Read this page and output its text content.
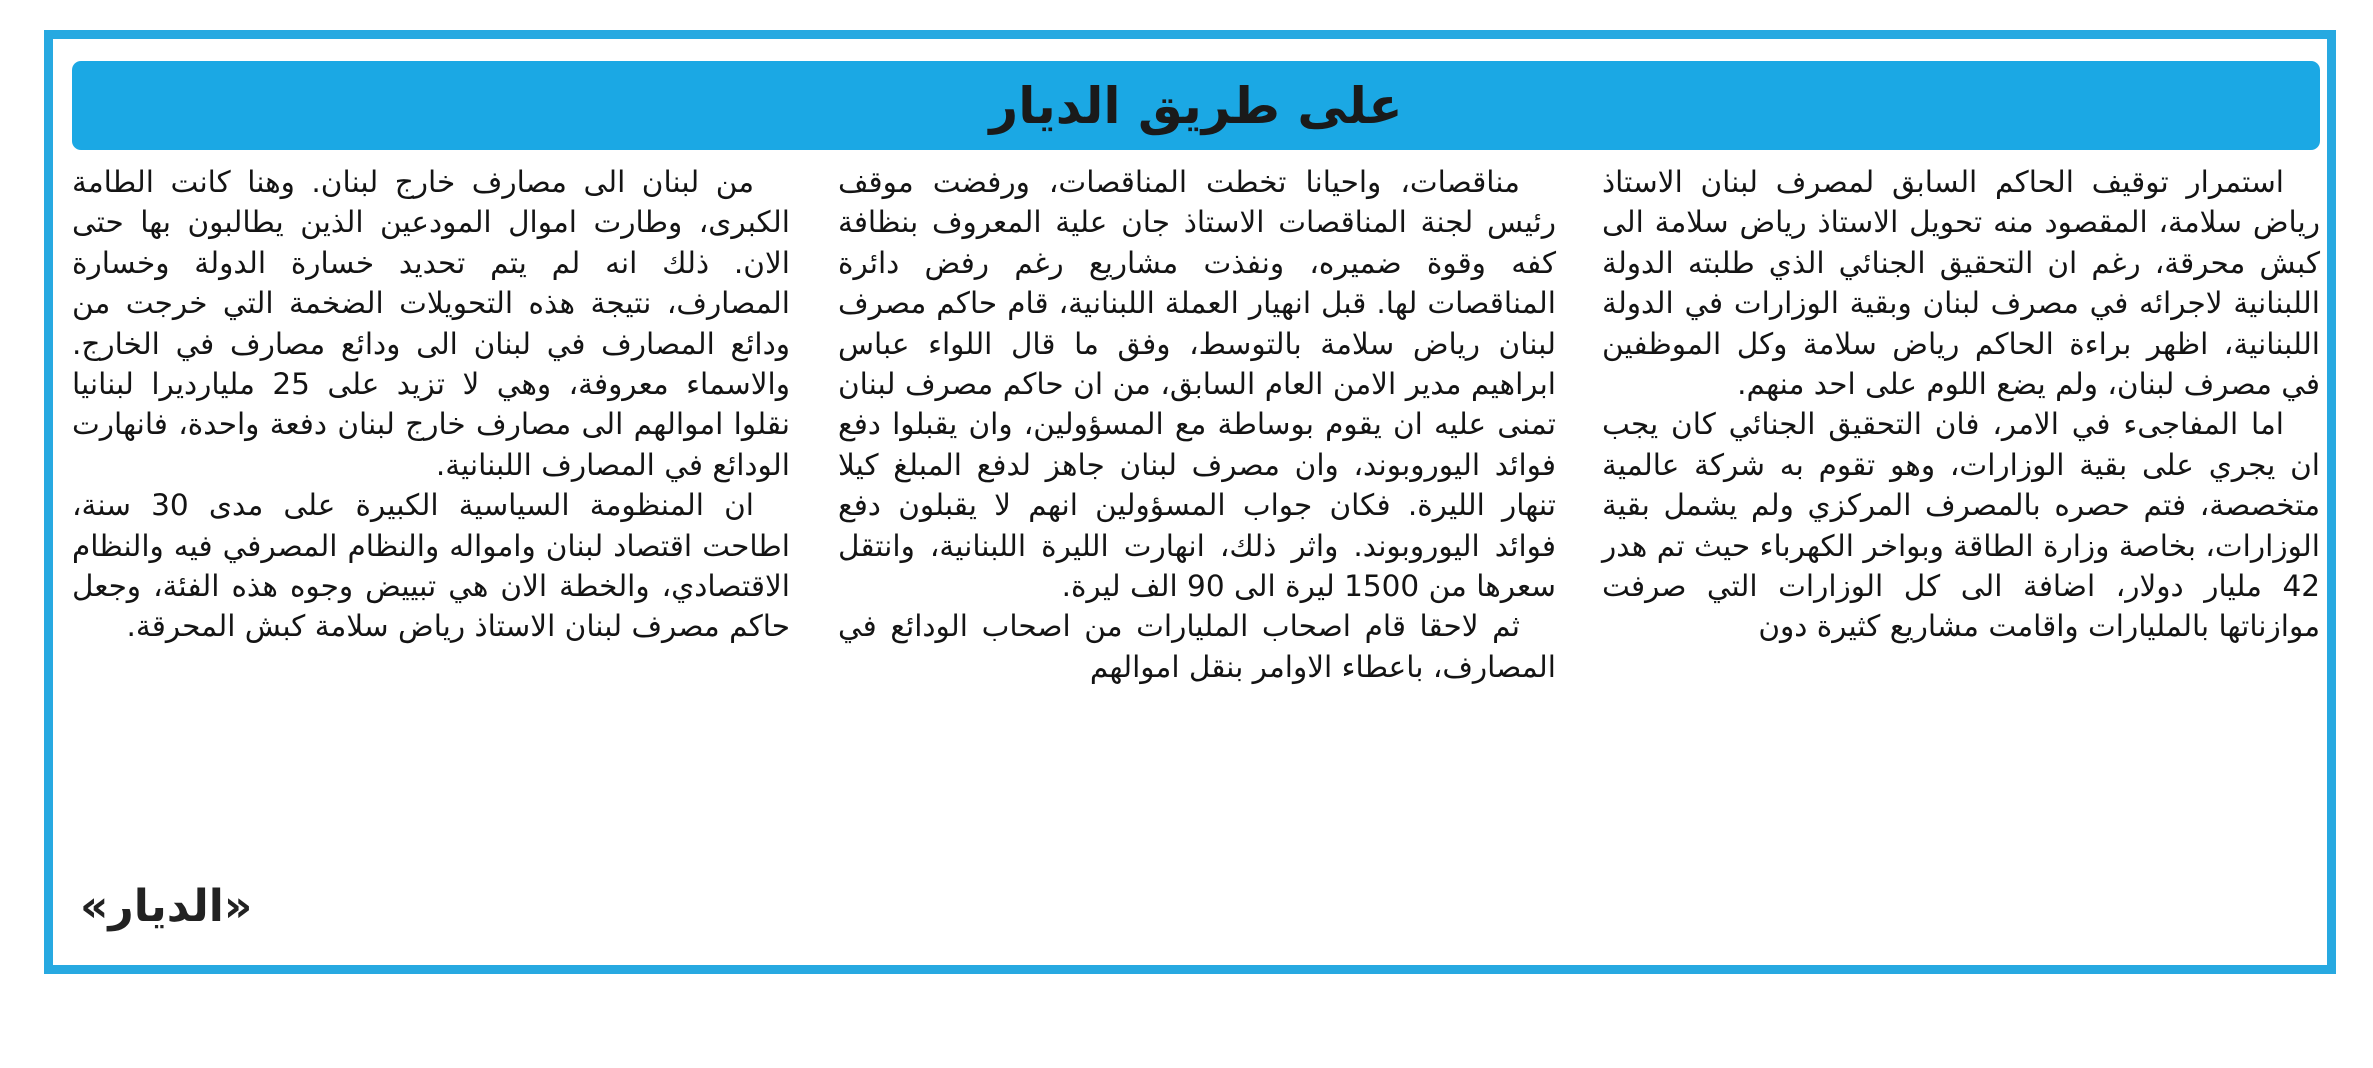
على طريق الديار

استمرار توقيف الحاكم السابق لمصرف لبنان الاستاذ رياض سلامة، المقصود منه تحويل الاستاذ رياض سلامة الى كبش محرقة، رغم ان التحقيق الجنائي الذي طلبته الدولة اللبنانية لاجرائه في مصرف لبنان وبقية الوزارات في الدولة اللبنانية، اظهر براءة الحاكم رياض سلامة وكل الموظفين في مصرف لبنان، ولم يضع اللوم على احد منهم.

اما المفاجىء في الامر، فان التحقيق الجنائي كان يجب ان يجري على بقية الوزارات، وهو تقوم به شركة عالمية متخصصة، فتم حصره بالمصرف المركزي ولم يشمل بقية الوزارات، بخاصة وزارة الطاقة وبواخر الكهرباء حيث تم هدر 42 مليار دولار، اضافة الى كل الوزارات التي صرفت موازناتها بالمليارات واقامت مشاريع كثيرة دون

مناقصات، واحيانا تخطت المناقصات، ورفضت موقف رئيس لجنة المناقصات الاستاذ جان علية المعروف بنظافة كفه وقوة ضميره، ونفذت مشاريع رغم رفض دائرة المناقصات لها. قبل انهيار العملة اللبنانية، قام حاكم مصرف لبنان رياض سلامة بالتوسط، وفق ما قال اللواء عباس ابراهيم مدير الامن العام السابق، من ان حاكم مصرف لبنان تمنى عليه ان يقوم بوساطة مع المسؤولين، وان يقبلوا دفع فوائد اليوروبوند، وان مصرف لبنان جاهز لدفع المبلغ كيلا تنهار الليرة. فكان جواب المسؤولين انهم لا يقبلون دفع فوائد اليوروبوند. واثر ذلك، انهارت الليرة اللبنانية، وانتقل سعرها من 1500 ليرة الى 90 الف ليرة.

ثم لاحقا قام اصحاب المليارات من اصحاب الودائع في المصارف، باعطاء الاوامر بنقل اموالهم

من لبنان الى مصارف خارج لبنان. وهنا كانت الطامة الكبرى، وطارت اموال المودعين الذين يطالبون بها حتى الان. ذلك انه لم يتم تحديد خسارة الدولة وخسارة المصارف، نتيجة هذه التحويلات الضخمة التي خرجت من ودائع المصارف في لبنان الى ودائع مصارف في الخارج. والاسماء معروفة، وهي لا تزيد على 25 مليارديرا لبنانيا نقلوا اموالهم الى مصارف خارج لبنان دفعة واحدة، فانهارت الودائع في المصارف اللبنانية.

ان المنظومة السياسية الكبيرة على مدى 30 سنة، اطاحت اقتصاد لبنان وامواله والنظام المصرفي فيه والنظام الاقتصادي، والخطة الان هي تبييض وجوه هذه الفئة، وجعل حاكم مصرف لبنان الاستاذ رياض سلامة كبش المحرقة.

«الديار»
